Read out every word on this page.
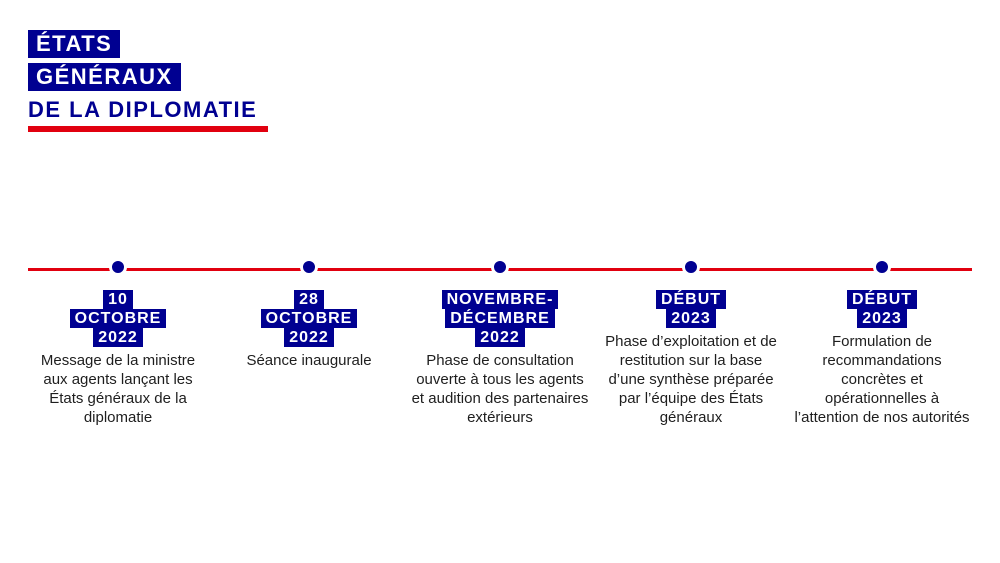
ÉTATS
GÉNÉRAUX
DE LA DIPLOMATIE
10
OCTOBRE
2022
Message de la ministre aux agents lançant les États généraux de la diplomatie
28
OCTOBRE
2022
Séance inaugurale
NOVEMBRE-
DÉCEMBRE
2022
Phase de consultation ouverte à tous les agents et audition des partenaires extérieurs
DÉBUT
2023
Phase d’exploitation et de restitution sur la base d’une synthèse préparée par l’équipe des États généraux
DÉBUT
2023
Formulation de recommandations concrètes et opérationnelles à l’attention de nos autorités
